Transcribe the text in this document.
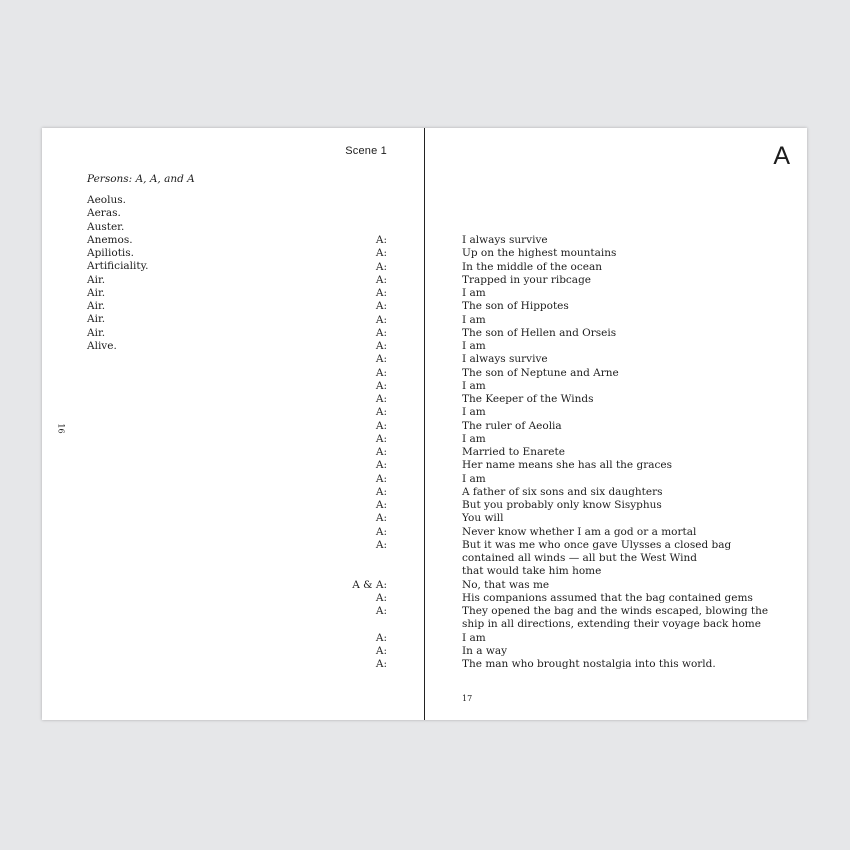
Scene 1
Persons: A, A, and A
Aeolus.
Aeras.
Auster.
Anemos.
Apiliotis.
Artificiality.
Air.
Air.
Air.
Air.
Air.
Alive.
A:
A:
A:
A:
A:
A:
A:
A:
A:
A:
A:
A:
A:
A:
A:
A:
A:
A:
A:
A:
A:
A:
A:
A:
A & A:
A:
A:
A:
A:
A:
16
A
I always survive
Up on the highest mountains
In the middle of the ocean
Trapped in your ribcage
I am
The son of Hippotes
I am
The son of Hellen and Orseis
I am
I always survive
The son of Neptune and Arne
I am
The Keeper of the Winds
I am
The ruler of Aeolia
I am
Married to Enarete
Her name means she has all the graces
I am
A father of six sons and six daughters
But you probably only know Sisyphus
You will
Never know whether I am a god or a mortal
But it was me who once gave Ulysses a closed bag
contained all winds — all but the West Wind
that would take him home
No, that was me
His companions assumed that the bag contained gems
They opened the bag and the winds escaped, blowing the
ship in all directions, extending their voyage back home
I am
In a way
The man who brought nostalgia into this world.
17
